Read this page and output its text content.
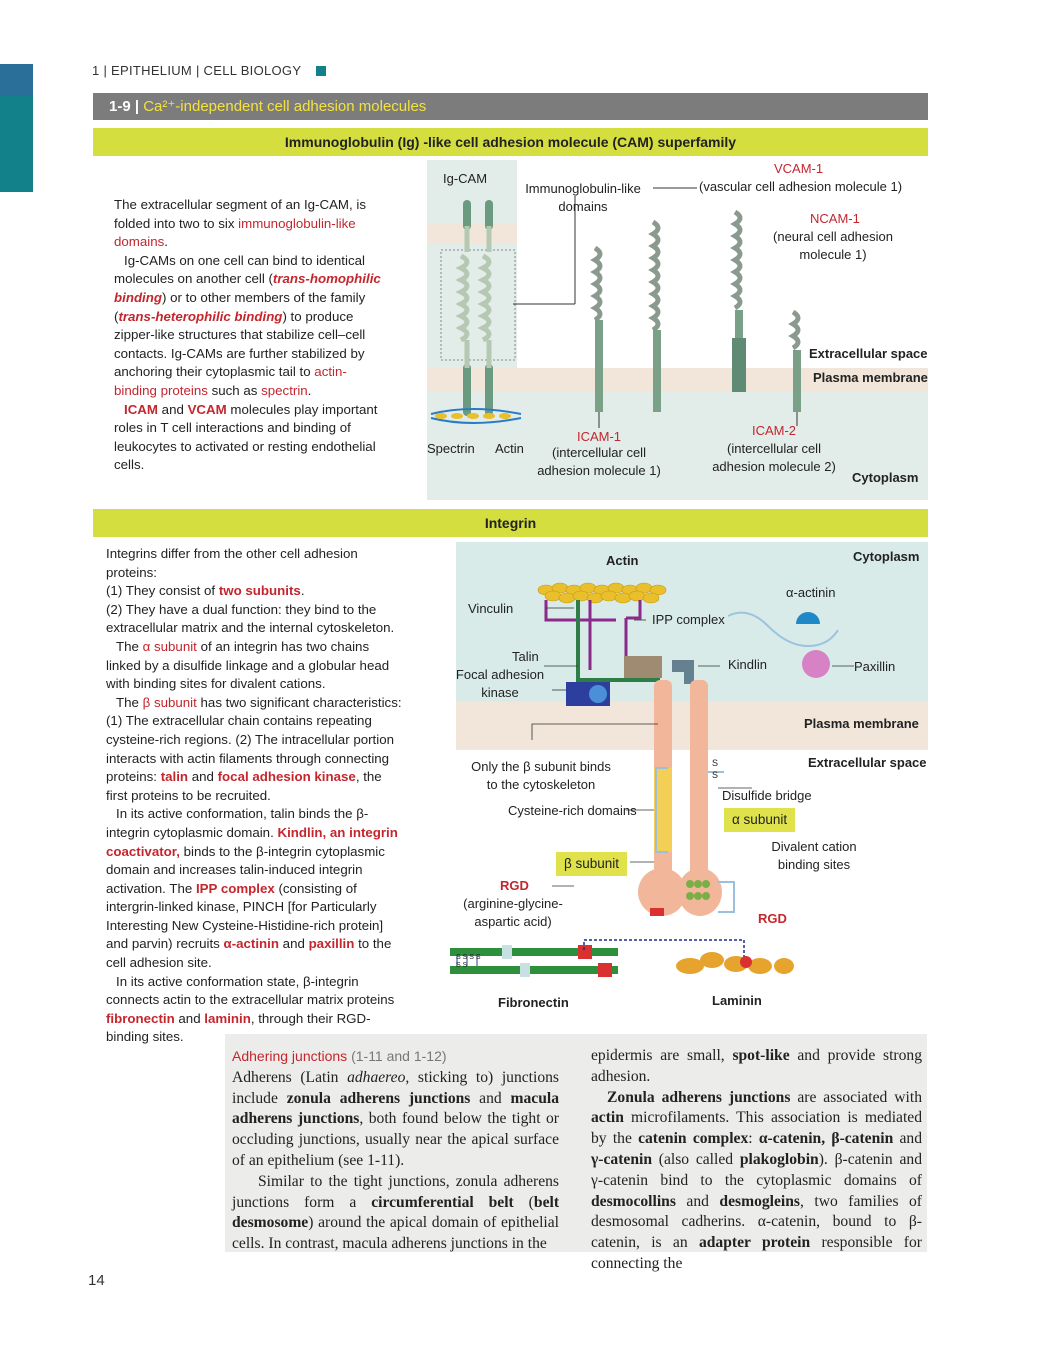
1 | EPITHELIUM | CELL BIOLOGY
1-9 | Ca²⁺-independent cell adhesion molecules
Immunoglobulin (Ig) -like cell adhesion molecule (CAM) superfamily
The extracellular segment of an Ig-CAM, is folded into two to six immunoglobulin-like domains.
Ig-CAMs on one cell can bind to identical molecules on another cell (trans-homophilic binding) or to other members of the family (trans-heterophilic binding) to produce zipper-like structures that stabilize cell–cell contacts. Ig-CAMs are further stabilized by anchoring their cytoplasmic tail to actin-binding proteins such as spectrin.
ICAM and VCAM molecules play important roles in T cell interactions and binding of leukocytes to activated or resting endothelial cells.
Ig-CAM
Immunoglobulin-like domains
VCAM-1
(vascular cell adhesion molecule 1)
NCAM-1
(neural cell adhesion molecule 1)
Extracellular space
Plasma membrane
Cytoplasm
Spectrin Actin
ICAM-1
(intercellular cell adhesion molecule 1)
ICAM-2
(intercellular cell adhesion molecule 2)
Integrin
Integrins differ from the other cell adhesion proteins:
(1) They consist of two subunits.
(2) They have a dual function: they bind to the extracellular matrix and the internal cytoskeleton.
The α subunit of an integrin has two chains linked by a disulfide linkage and a globular head with binding sites for divalent cations.
The β subunit has two significant characteristics: (1) The extracellular chain contains repeating cysteine-rich regions. (2) The intracellular portion interacts with actin filaments through connecting proteins: talin and focal adhesion kinase, the first proteins to be recruited.
In its active conformation, talin binds the β-integrin cytoplasmic domain. Kindlin, an integrin coactivator, binds to the β-integrin cytoplasmic domain and increases talin-induced integrin activation. The IPP complex (consisting of intergrin-linked kinase, PINCH [for Particularly Interesting New Cysteine-Histidine-rich protein] and parvin) recruits α-actinin and paxillin to the cell adhesion site.
In its active conformation state, β-integrin connects actin to the extracellular matrix proteins fibronectin and laminin, through their RGD-binding sites.
Actin	Cytoplasm
α-actinin
Vinculin
IPP complex
Talin
Focal adhesion kinase
Kindlin	Paxillin
Plasma membrane
Extracellular space
Only the β subunit binds to the cytoskeleton
S
S
Disulfide bridge
Cysteine-rich domains
α subunit
Divalent cation binding sites
β subunit
RGD
(arginine-glycine-aspartic acid)	RGD
Fibronectin	Laminin
S S S S S S
Adhering junctions (1-11 and 1-12)
Adherens (Latin adhaereo, sticking to) junctions include zonula adherens junctions and macula adherens junctions, both found below the tight or occluding junctions, usually near the apical surface of an epithelium (see 1-11).
Similar to the tight junctions, zonula adherens junctions form a circumferential belt (belt desmosome) around the apical domain of epithelial cells. In contrast, macula adherens junctions in the
epidermis are small, spot-like and provide strong adhesion.
Zonula adherens junctions are associated with actin microfilaments. This association is mediated by the catenin complex: α-catenin, β-catenin and γ-catenin (also called plakoglobin). β-catenin and γ-catenin bind to the cytoplasmic domains of desmocollins and desmogleins, two families of desmosomal cadherins. α-catenin, bound to β-catenin, is an adapter protein responsible for connecting the
14
